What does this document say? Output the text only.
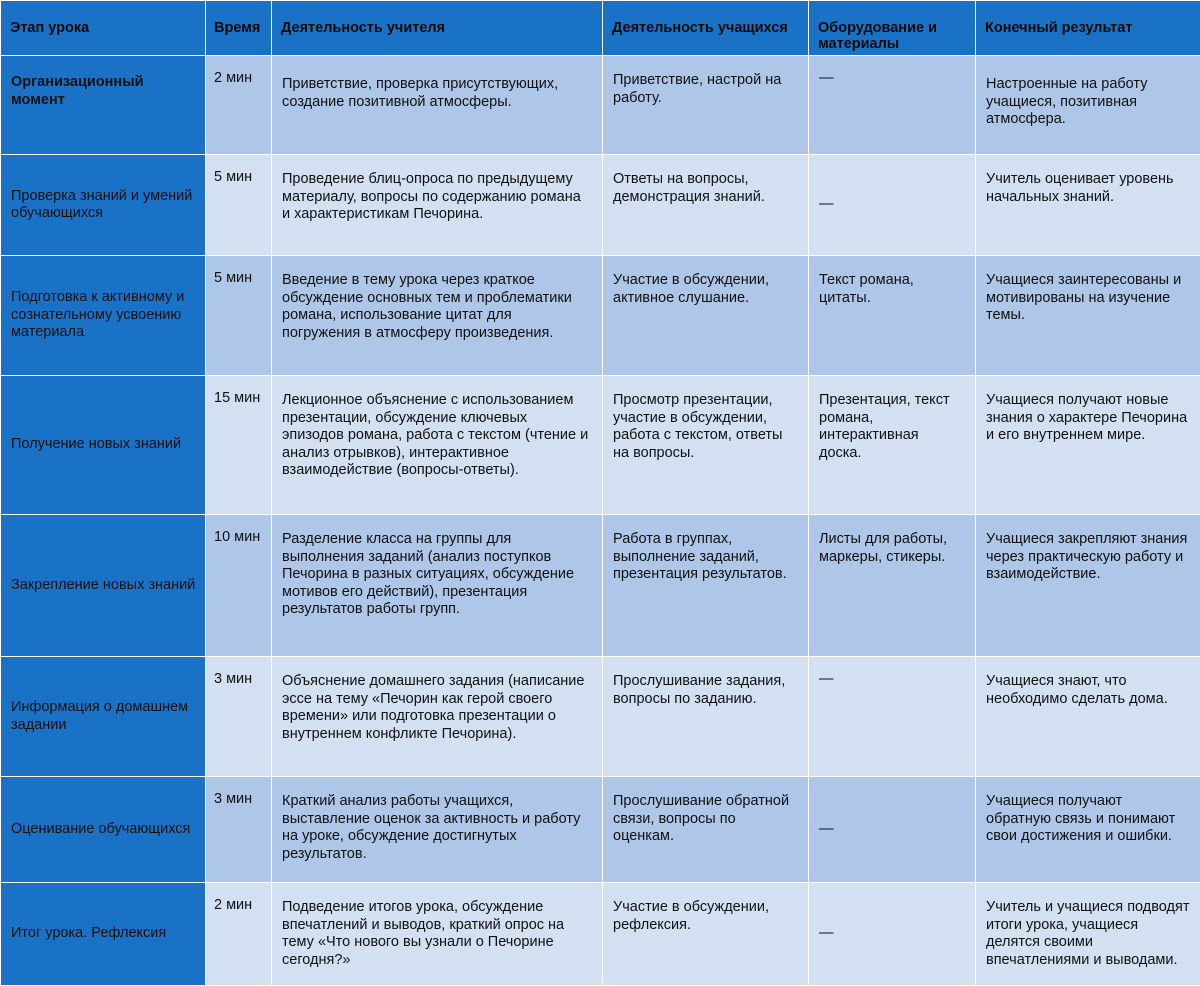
Этап урока	Время	Деятельность учителя	Деятельность учащихся	Оборудование и материалы	Конечный результат
Организационный момент	2 мин	Приветствие, проверка присутствующих, создание позитивной атмосферы.	Приветствие, настрой на работу.	—	Настроенные на работу учащиеся, позитивная атмосфера.
Проверка знаний и умений обучающихся	5 мин	Проведение блиц-опроса по предыдущему материалу, вопросы по содержанию романа и характеристикам Печорина.	Ответы на вопросы, демонстрация знаний.	—	Учитель оценивает уровень начальных знаний.
Подготовка к активному и сознательному усвоению материала	5 мин	Введение в тему урока через краткое обсуждение основных тем и проблематики романа, использование цитат для погружения в атмосферу произведения.	Участие в обсуждении, активное слушание.	Текст романа, цитаты.	Учащиеся заинтересованы и мотивированы на изучение темы.
Получение новых знаний	15 мин	Лекционное объяснение с использованием презентации, обсуждение ключевых эпизодов романа, работа с текстом (чтение и анализ отрывков), интерактивное взаимодействие (вопросы-ответы).	Просмотр презентации, участие в обсуждении, работа с текстом, ответы на вопросы.	Презентация, текст романа, интерактивная доска.	Учащиеся получают новые знания о характере Печорина и его внутреннем мире.
Закрепление новых знаний	10 мин	Разделение класса на группы для выполнения заданий (анализ поступков Печорина в разных ситуациях, обсуждение мотивов его действий), презентация результатов работы групп.	Работа в группах, выполнение заданий, презентация результатов.	Листы для работы, маркеры, стикеры.	Учащиеся закрепляют знания через практическую работу и взаимодействие.
Информация о домашнем задании	3 мин	Объяснение домашнего задания (написание эссе на тему «Печорин как герой своего времени» или подготовка презентации о внутреннем конфликте Печорина).	Прослушивание задания, вопросы по заданию.	—	Учащиеся знают, что необходимо сделать дома.
Оценивание обучающихся	3 мин	Краткий анализ работы учащихся, выставление оценок за активность и работу на уроке, обсуждение достигнутых результатов.	Прослушивание обратной связи, вопросы по оценкам.	—	Учащиеся получают обратную связь и понимают свои достижения и ошибки.
Итог урока. Рефлексия	2 мин	Подведение итогов урока, обсуждение впечатлений и выводов, краткий опрос на тему «Что нового вы узнали о Печорине сегодня?»	Участие в обсуждении, рефлексия.	—	Учитель и учащиеся подводят итоги урока, учащиеся делятся своими впечатлениями и выводами.
